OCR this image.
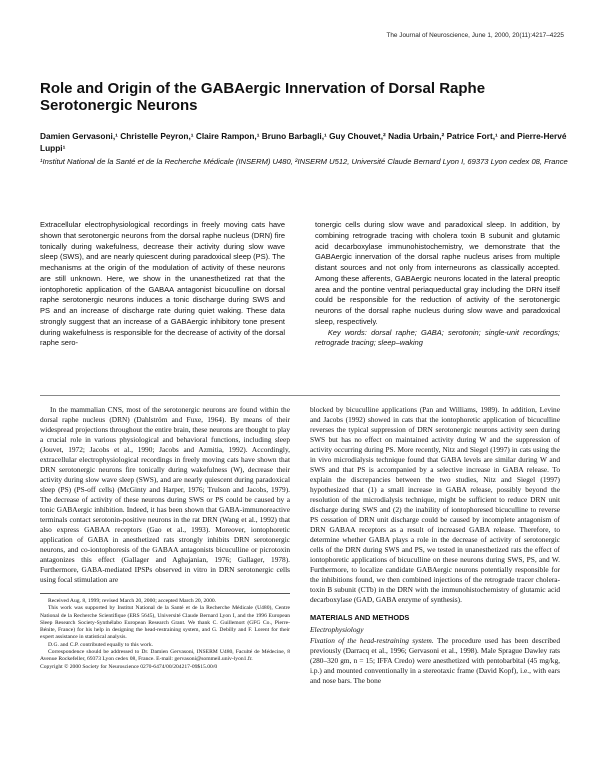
The Journal of Neuroscience, June 1, 2000, 20(11):4217–4225
Role and Origin of the GABAergic Innervation of Dorsal Raphe Serotonergic Neurons
Damien Gervasoni,¹ Christelle Peyron,¹ Claire Rampon,¹ Bruno Barbagli,¹ Guy Chouvet,² Nadia Urbain,² Patrice Fort,¹ and Pierre-Hervé Luppi¹
¹Institut National de la Santé et de la Recherche Médicale (INSERM) U480, ²INSERM U512, Université Claude Bernard Lyon I, 69373 Lyon cedex 08, France
Extracellular electrophysiological recordings in freely moving cats have shown that serotonergic neurons from the dorsal raphe nucleus (DRN) fire tonically during wakefulness, decrease their activity during slow wave sleep (SWS), and are nearly quiescent during paradoxical sleep (PS). The mechanisms at the origin of the modulation of activity of these neurons are still unknown. Here, we show in the unanesthetized rat that the iontophoretic application of the GABAA antagonist bicuculline on dorsal raphe serotonergic neurons induces a tonic discharge during SWS and PS and an increase of discharge rate during quiet waking. These data strongly suggest that an increase of a GABAergic inhibitory tone present during wakefulness is responsible for the decrease of activity of the dorsal raphe sero-
tonergic cells during slow wave and paradoxical sleep. In addition, by combining retrograde tracing with cholera toxin B subunit and glutamic acid decarboxylase immunohistochemistry, we demonstrate that the GABAergic innervation of the dorsal raphe nucleus arises from multiple distant sources and not only from interneurons as classically accepted. Among these afferents, GABAergic neurons located in the lateral preoptic area and the pontine ventral periaqueductal gray including the DRN itself could be responsible for the reduction of activity of the serotonergic neurons of the dorsal raphe nucleus during slow wave and paradoxical sleep, respectively.
Key words: dorsal raphe; GABA; serotonin; single-unit recordings; retrograde tracing; sleep–waking

In the mammalian CNS, most of the serotonergic neurons are found within the dorsal raphe nucleus (DRN) (Dahlström and Fuxe, 1964). By means of their widespread projections throughout the entire brain, these neurons are thought to play a crucial role in various physiological and behavioral functions, including sleep (Jouvet, 1972; Jacobs et al., 1990; Jacobs and Azmitia, 1992). Accordingly, extracellular electrophysiological recordings in freely moving cats have shown that DRN serotonergic neurons fire tonically during wakefulness (W), decrease their activity during slow wave sleep (SWS), and are nearly quiescent during paradoxical sleep (PS) (PS-off cells) (McGinty and Harper, 1976; Trulson and Jacobs, 1979). The decrease of activity of these neurons during SWS or PS could be caused by a tonic GABAergic inhibition. Indeed, it has been shown that GABA-immunoreactive terminals contact serotonin-positive neurons in the rat DRN (Wang et al., 1992) that also express GABAA receptors (Gao et al., 1993). Moreover, iontophoretic application of GABA in anesthetized rats strongly inhibits DRN serotonergic neurons, and co-iontophoresis of the GABAA antagonists bicuculline or picrotoxin antagonizes this effect (Gallager and Aghajanian, 1976; Gallager, 1978). Furthermore, GABA-mediated IPSPs observed in vitro in DRN serotonergic cells using focal stimulation are

Received Aug. 8, 1999; revised March 20, 2000; accepted March 20, 2000.
This work was supported by Institut National de la Santé et de la Recherche Médicale (U480), Centre National de la Recherche Scientifique (ERS 5645), Université Claude Bernard Lyon I, and the 1996 European Sleep Research Society-Synthélabo European Research Grant. We thank C. Guillemort (GFG Co., Pierre-Bénite, France) for his help in designing the head-restraining system, and G. Debilly and F. Lorent for their expert assistance in statistical analysis.
D.G. and C.P. contributed equally to this work.
Correspondence should be addressed to Dr. Damien Gervasoni, INSERM U480, Faculté de Médecine, 8 Avenue Rockefeller, 69373 Lyon cedex 08, France. E-mail: gervasoni@sommeil.univ-lyon1.fr.
Copyright © 2000 Society for Neuroscience 0270-6474/00/204217-09$15.00/0

blocked by bicuculline applications (Pan and Williams, 1989). In addition, Levine and Jacobs (1992) showed in cats that the iontophoretic application of bicuculline reverses the typical suppression of DRN serotonergic neurons activity seen during SWS but has no effect on maintained activity during W and the suppression of activity occurring during PS. More recently, Nitz and Siegel (1997) in cats using the in vivo microdialysis technique found that GABA levels are similar during W and SWS and that PS is accompanied by a selective increase in GABA release. To explain the discrepancies between the two studies, Nitz and Siegel (1997) hypothesized that (1) a small increase in GABA release, possibly beyond the resolution of the microdialysis technique, might be sufficient to reduce DRN unit discharge during SWS and (2) the inability of iontophoresed bicuculline to reverse PS cessation of DRN unit discharge could be caused by incomplete antagonism of DRN GABAA receptors as a result of increased GABA release. Therefore, to determine whether GABA plays a role in the decrease of activity of serotonergic cells of the DRN during SWS and PS, we tested in unanesthetized rats the effect of iontophoretic applications of bicuculline on these neurons during SWS, PS, and W. Furthermore, to localize candidate GABAergic neurons potentially responsible for the inhibitions found, we then combined injections of the retrograde tracer cholera-toxin B subunit (CTb) in the DRN with the immunohistochemistry of glutamic acid decarboxylase (GAD, GABA enzyme of synthesis).

MATERIALS AND METHODS
Electrophysiology

Fixation of the head-restraining system. The procedure used has been described previously (Darracq et al., 1996; Gervasoni et al., 1998). Male Sprague Dawley rats (280–320 gm, n = 15; IFFA Credo) were anesthetized with pentobarbital (45 mg/kg, i.p.) and mounted conventionally in a stereotaxic frame (David Kopf), i.e., with ears and nose bars. The bone
